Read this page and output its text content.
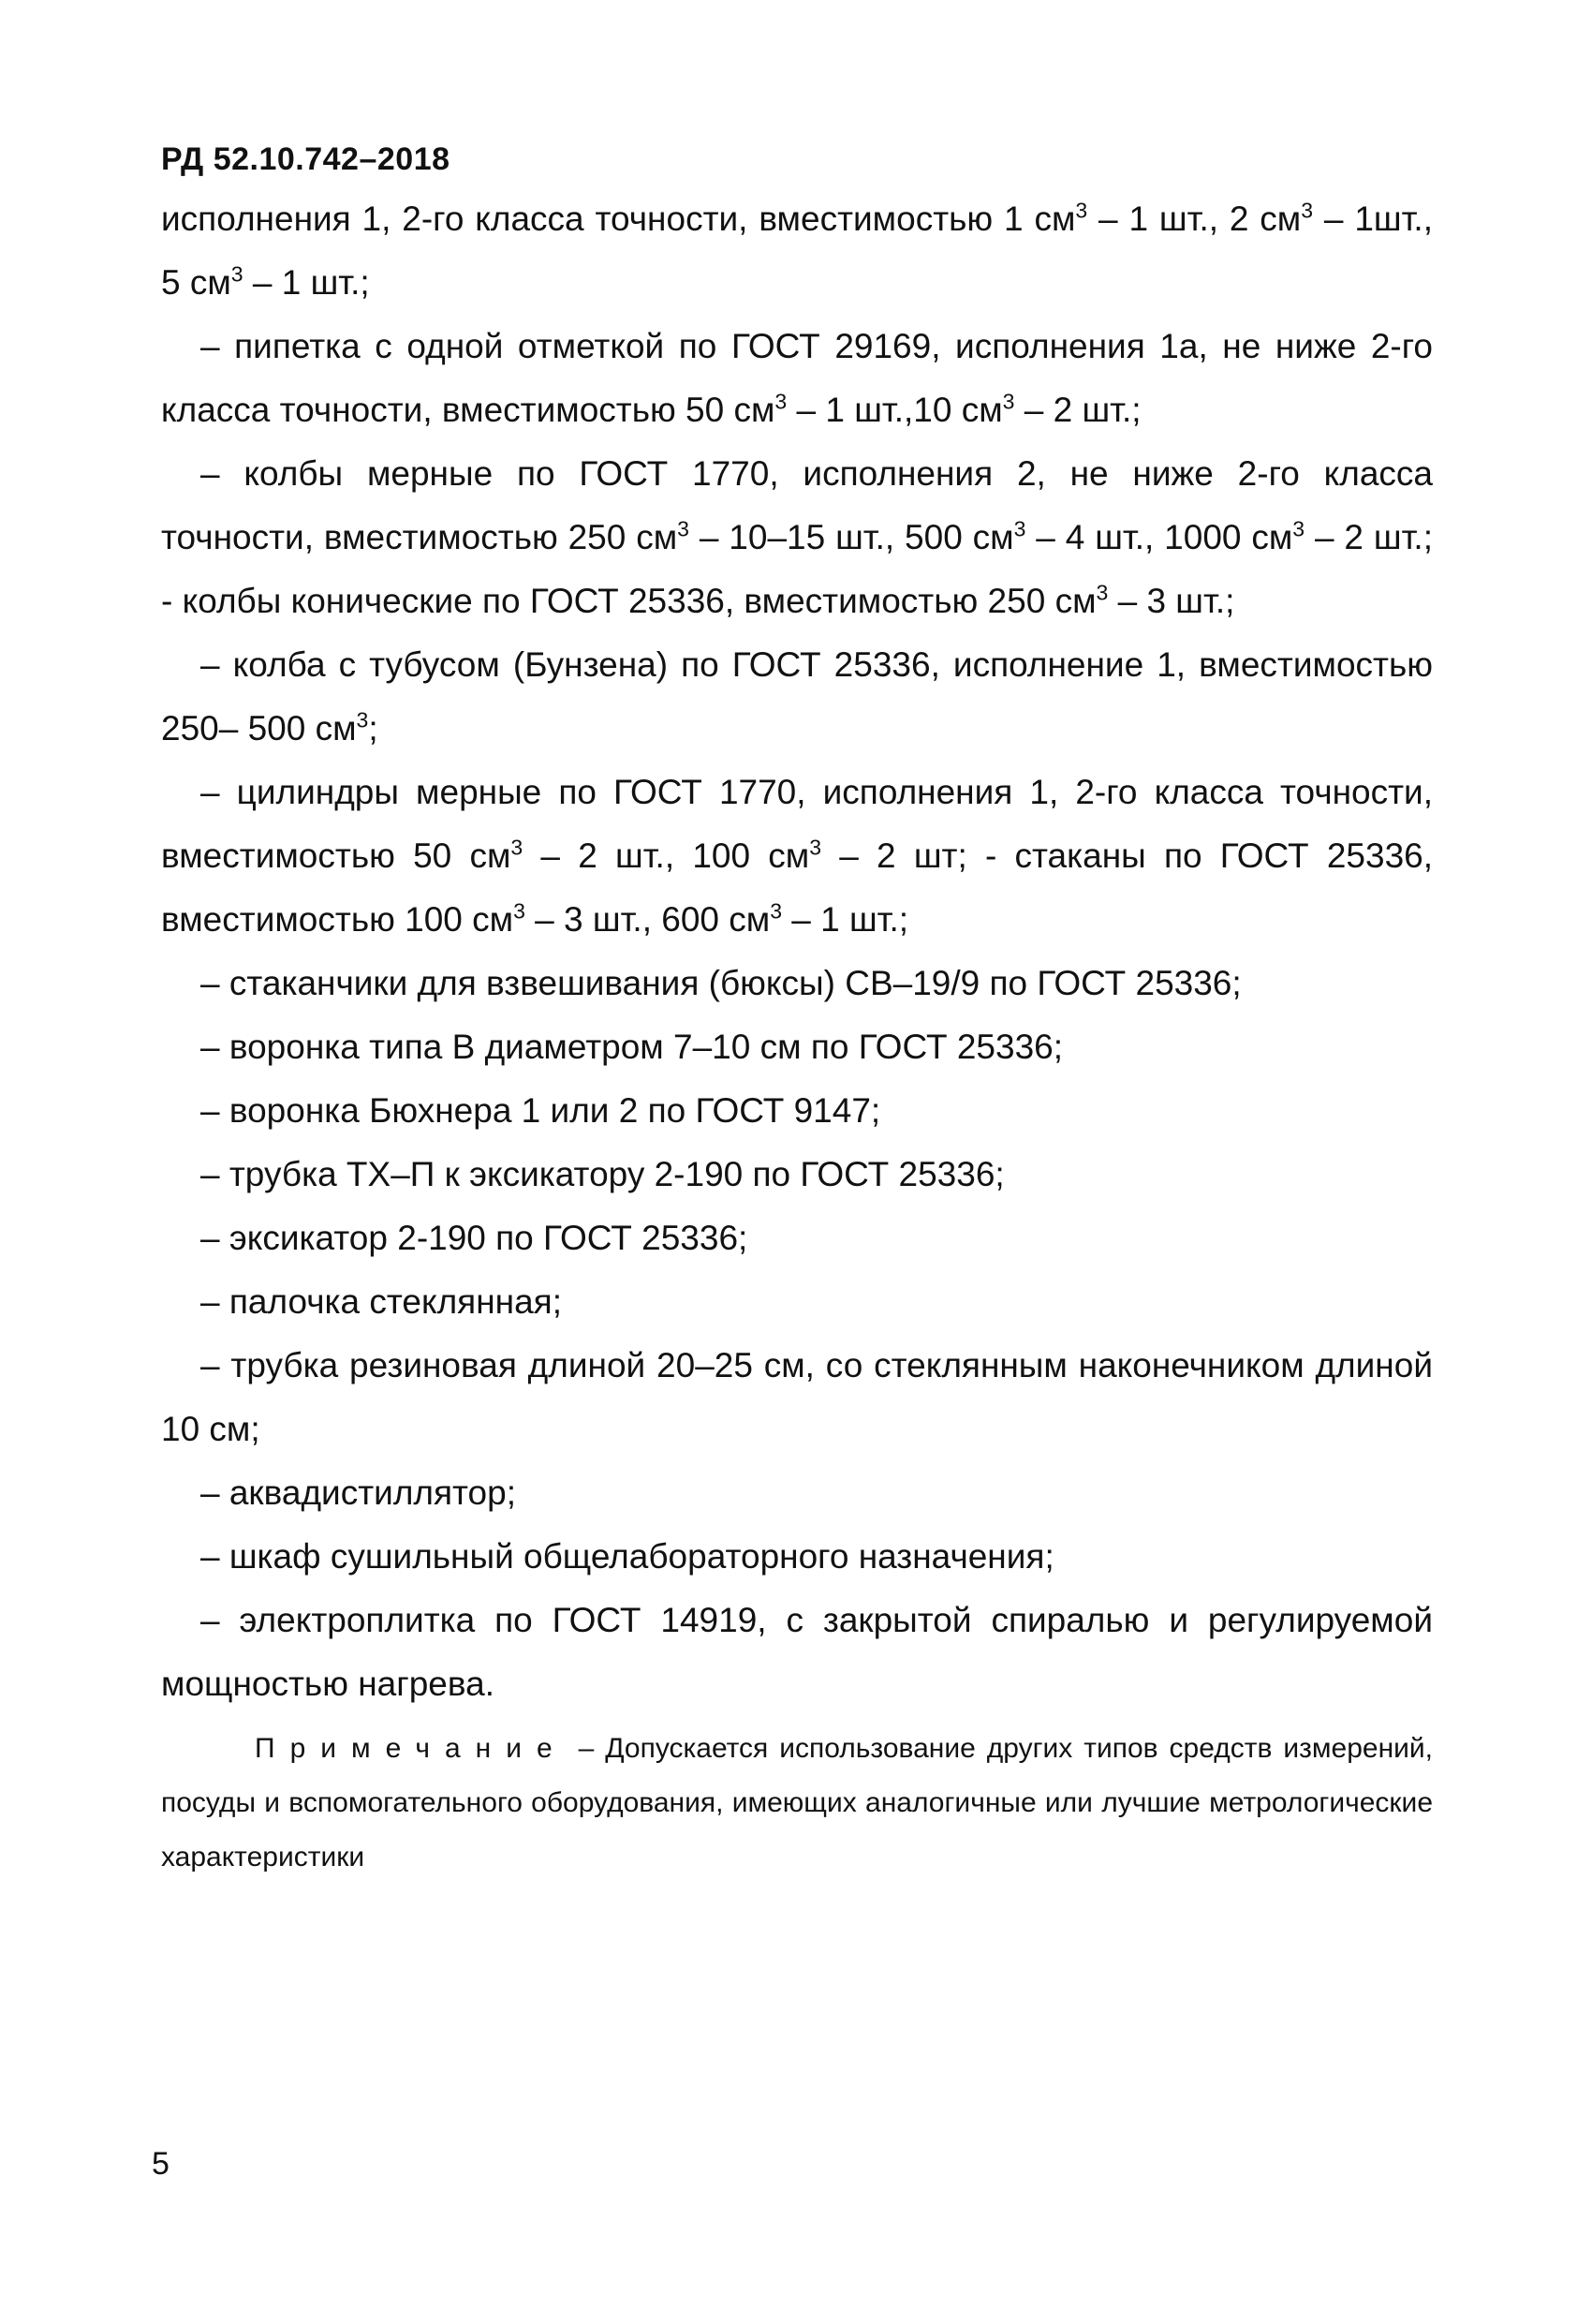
РД 52.10.742–2018

исполнения 1, 2-го класса точности, вместимостью 1 $см^3 - 1$ шт., 2 $см^3 - 1шт$., 5 $см^3 - 1$ шт.;

– пипетка с одной отметкой по ГОСТ 29169, исполнения 1а, не ниже 2-го класса точности, вместимостью 50 $см^3 - 1$ шт.,10 $см^3 - 2$ шт.;

– колбы мерные по ГОСТ 1770, исполнения 2, не ниже 2-го класса точности, вместимостью 250 $см^3 - 10-15$ шт., 500 $см^3 - 4$ шт., 1000 $см^3 - 2$ шт.; - колбы конические по ГОСТ 25336, вместимостью 250 $см^3 - 3$ шт.;

– колба с тубусом (Бунзена) по ГОСТ 25336, исполнение 1, вместимостью 250– 500 $см^3$;

– цилиндры мерные по ГОСТ 1770, исполнения 1, 2-го класса точности, вместимостью 50 $см^3 - 2$ шт., 100 $см^3 - 2$ шт; - стаканы по ГОСТ 25336, вместимостью 100 $см^3 - 3$ шт., 600 $см^3 - 1$ шт.;

– стаканчики для взвешивания (бюксы) СВ–19/9 по ГОСТ 25336;

– воронка типа В диаметром 7–10 см по ГОСТ 25336;

– воронка Бюхнера 1 или 2 по ГОСТ 9147;

– трубка ТХ–П к эксикатору 2-190 по ГОСТ 25336;

– эксикатор 2-190 по ГОСТ 25336;

– палочка стеклянная;

– трубка резиновая длиной 20–25 см, со стеклянным наконечником длиной 10 см;

– аквадистиллятор;

– шкаф сушильный общелабораторного назначения;

– электроплитка по ГОСТ 14919, с закрытой спиралью и регулируемой мощностью нагрева.

Примечание – Допускается использование других типов средств измерений, посуды и вспомогательного оборудования, имеющих аналогичные или лучшие метрологические характеристики

5
